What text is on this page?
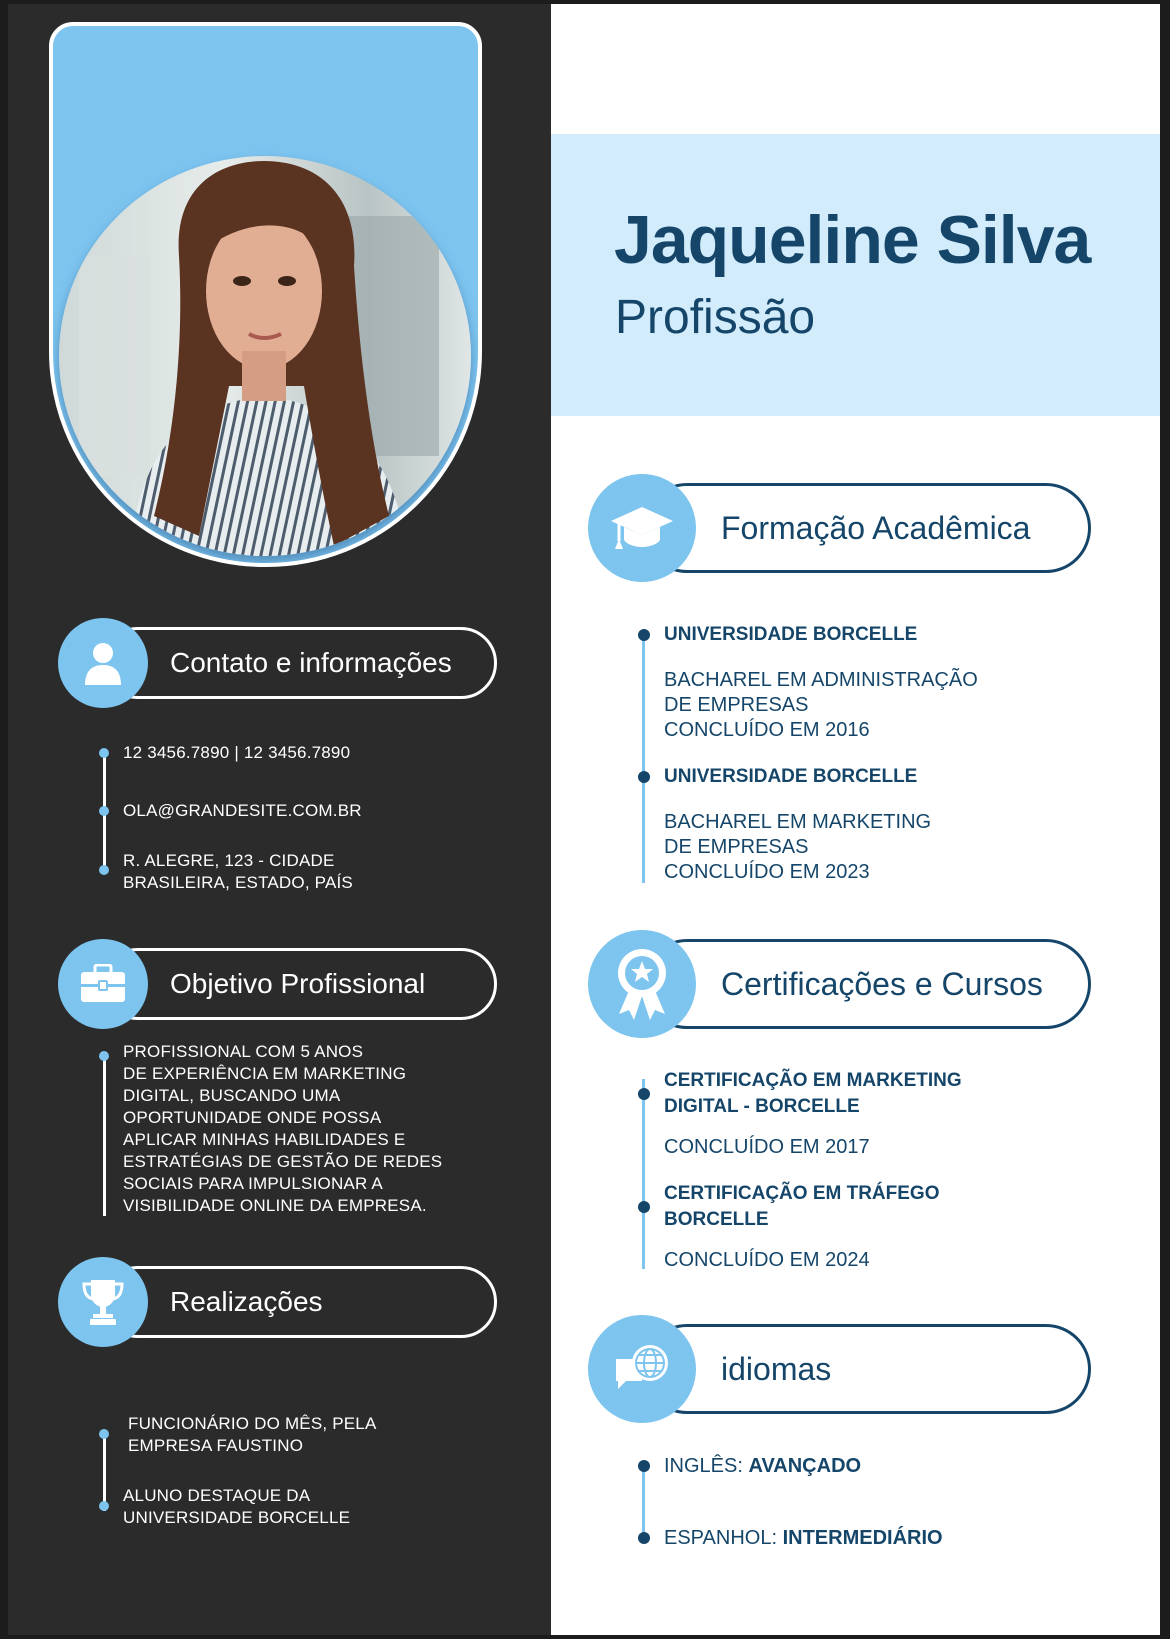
Contato e informações
12 3456.7890 | 12 3456.7890
OLA@GRANDESITE.COM.BR
R. ALEGRE, 123 - CIDADE
BRASILEIRA, ESTADO, PAÍS
Objetivo Profissional
PROFISSIONAL COM 5 ANOS
DE EXPERIÊNCIA EM MARKETING
DIGITAL, BUSCANDO UMA
OPORTUNIDADE ONDE POSSA
APLICAR MINHAS HABILIDADES E
ESTRATÉGIAS DE GESTÃO DE REDES
SOCIAIS PARA IMPULSIONAR A
VISIBILIDADE ONLINE DA EMPRESA.
Realizações
FUNCIONÁRIO DO MÊS, PELA
EMPRESA FAUSTINO
ALUNO DESTAQUE DA
UNIVERSIDADE BORCELLE
Jaqueline Silva
Profissão
Formação Acadêmica
UNIVERSIDADE BORCELLE
BACHAREL EM ADMINISTRAÇÃO
DE EMPRESAS
CONCLUÍDO EM 2016
UNIVERSIDADE BORCELLE
BACHAREL EM MARKETING
DE EMPRESAS
CONCLUÍDO EM 2023
Certificações e Cursos
CERTIFICAÇÃO EM MARKETING
DIGITAL - BORCELLE
CONCLUÍDO EM 2017
CERTIFICAÇÃO EM TRÁFEGO
BORCELLE
CONCLUÍDO EM 2024
idiomas
INGLÊS: AVANÇADO
ESPANHOL: INTERMEDIÁRIO
